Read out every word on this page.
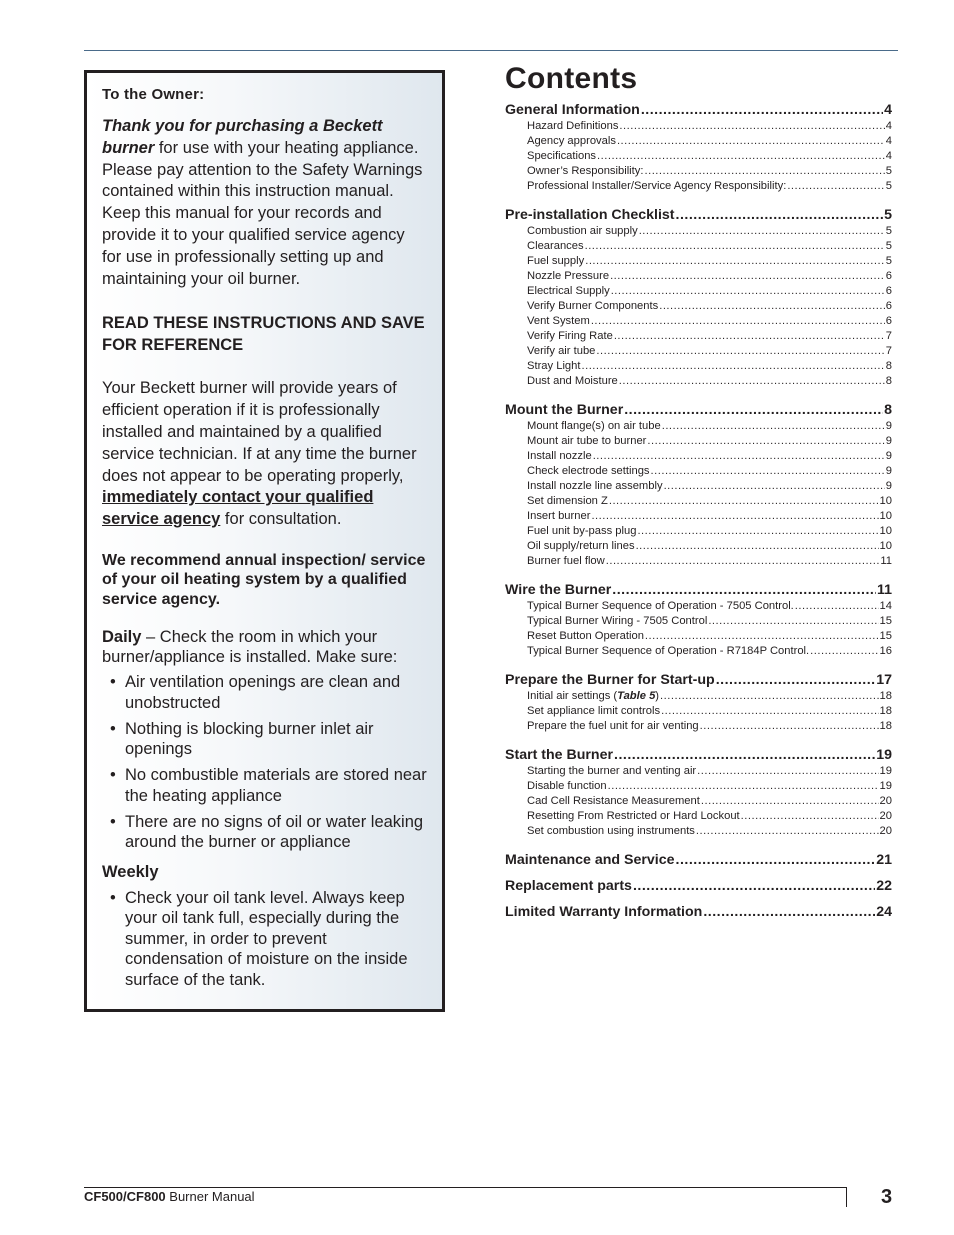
To the Owner:

Thank you for purchasing a Beckett burner for use with your heating appliance. Please pay attention to the Safety Warnings contained within this instruction manual. Keep this manual for your records and provide it to your qualified service agency for use in professionally setting up and maintaining your oil burner.

READ THESE INSTRUCTIONS AND SAVE FOR REFERENCE

Your Beckett burner will provide years of efficient operation if it is professionally installed and maintained by a qualified service technician. If at any time the burner does not appear to be operating properly, immediately contact your qualified service agency for consultation.

We recommend annual inspection/ service of your oil heating system by a qualified service agency.

Daily – Check the room in which your burner/appliance is installed. Make sure:

• Air ventilation openings are clean and unobstructed
• Nothing is blocking burner inlet air openings
• No combustible materials are stored near the heating appliance
• There are no signs of oil or water leaking around the burner or appliance

Weekly

• Check your oil tank level. Always keep your oil tank full, especially during the summer, in order to prevent condensation of moisture on the inside surface of the tank.
Contents
General Information .....	4
Hazard Definitions .....	4
Agency approvals .....	4
Specifications .....	4
Owner’s Responsibility: .....	5
Professional Installer/Service Agency Responsibility: .....	5
Pre-installation Checklist .....	5
Combustion air supply .....	5
Clearances .....	5
Fuel supply .....	5
Nozzle Pressure .....	6
Electrical Supply .....	6
Verify Burner Components .....	6
Vent System .....	6
Verify Firing Rate .....	7
Verify air tube .....	7
Stray Light .....	8
Dust and Moisture .....	8
Mount the Burner .....	8
Mount flange(s) on air tube .....	9
Mount air tube to burner .....	9
Install nozzle .....	9
Check electrode settings .....	9
Install nozzle line assembly .....	9
Set dimension Z .....	10
Insert burner .....	10
Fuel unit by-pass plug .....	10
Oil supply/return lines .....	10
Burner fuel flow .....	11
Wire the Burner .....	11
Typical Burner Sequence of Operation - 7505 Control. .....	14
Typical Burner Wiring - 7505 Control .....	15
Reset Button Operation .....	15
Typical Burner Sequence of Operation - R7184P Control. .....	16
Prepare the Burner for Start-up .....	17
Initial air settings (Table 5) .....	18
Set appliance limit controls .....	18
Prepare the fuel unit for air venting .....	18
Start the Burner .....	19
Starting the burner and venting air .....	19
Disable function .....	19
Cad Cell Resistance Measurement .....	20
Resetting From Restricted or Hard Lockout .....	20
Set combustion using instruments .....	20
Maintenance and Service .....	21
Replacement parts .....	22
Limited Warranty Information .....	24
CF500/CF800 Burner Manual	3
